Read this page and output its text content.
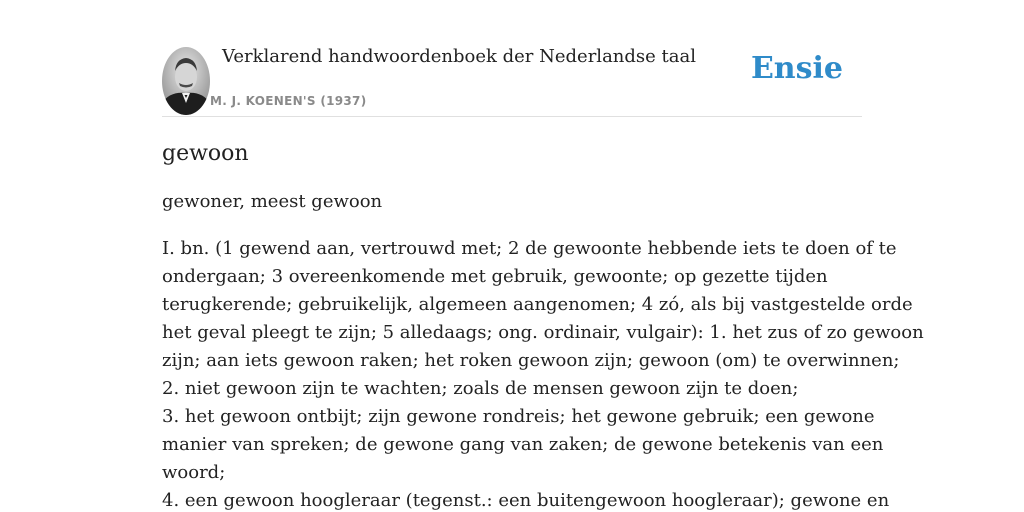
Verklarend handwoordenboek der Nederlandse taal
M. J. KOENEN'S (1937)
Ensie
gewoon

gewoner, meest gewoon

I. bn. (1 gewend aan, vertrouwd met; 2 de gewoonte hebbende iets te doen of te
ondergaan; 3 overeenkomende met gebruik, gewoonte; op gezette tijden
terugkerende; gebruikelijk, algemeen aangenomen; 4 zó, als bij vastgestelde orde
het geval pleegt te zijn; 5 alledaags; ong. ordinair, vulgair): 1. het zus of zo gewoon
zijn; aan iets gewoon raken; het roken gewoon zijn; gewoon (om) te overwinnen;
2. niet gewoon zijn te wachten; zoals de mensen gewoon zijn te doen;
3. het gewoon ontbijt; zijn gewone rondreis; het gewone gebruik; een gewone
manier van spreken; de gewone gang van zaken; de gewone betekenis van een
woord;
4. een gewoon hoogleraar (tegenst.: een buitengewoon hoogleraar); gewone en
